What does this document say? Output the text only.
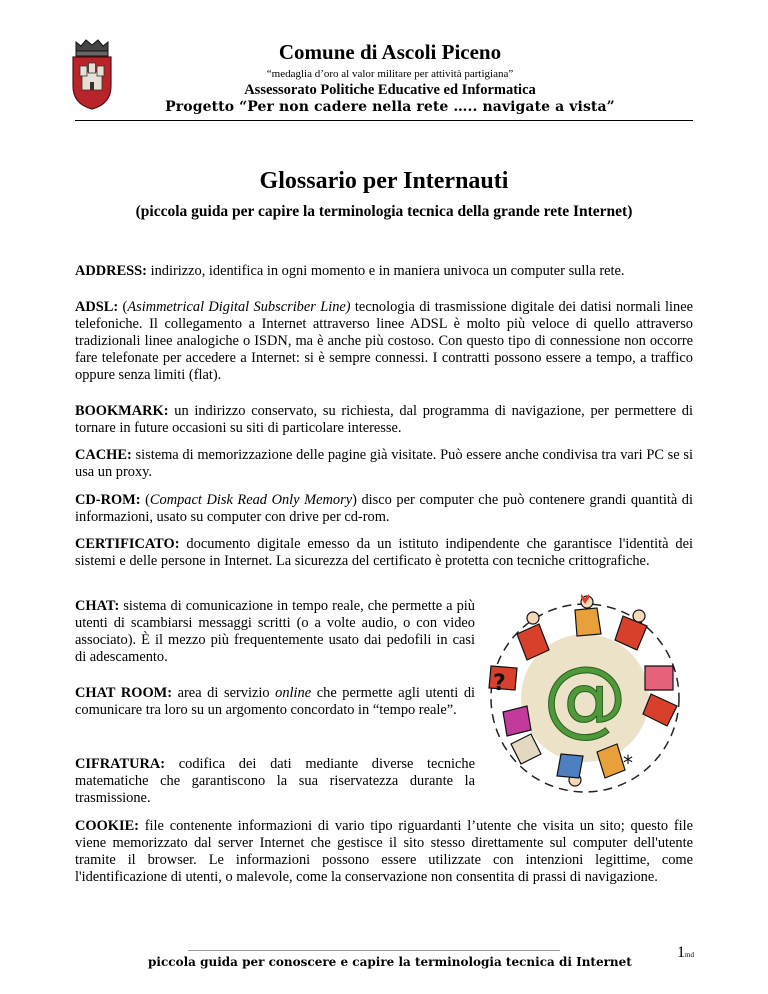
Comune di Ascoli Piceno
“medaglia d’oro al valor militare per attività partigiana”
Assessorato Politiche Educative ed Informatica
Progetto “Per non cadere nella rete ….. navigate a vista”
Glossario per Internauti
(piccola guida per capire la terminologia tecnica della grande rete Internet)

ADDRESS: indirizzo, identifica in ogni momento e in maniera univoca un computer sulla rete.

ADSL: (Asimmetrical Digital Subscriber Line) tecnologia di trasmissione digitale dei datisi normali linee telefoniche. Il collegamento a Internet attraverso linee ADSL è molto più veloce di quello attraverso tradizionali linee analogiche o ISDN, ma è anche più costoso. Con questo tipo di connessione non occorre fare telefonate per accedere a Internet: si è sempre connessi. I contratti possono essere a tempo, a traffico oppure senza limiti (flat).

BOOKMARK: un indirizzo conservato, su richiesta, dal programma di navigazione, per permettere di tornare in future occasioni su siti di particolare interesse.

CACHE: sistema di memorizzazione delle pagine già visitate. Può essere anche condivisa tra vari PC se si usa un proxy.

CD-ROM: (Compact Disk Read Only Memory) disco per computer che può contenere grandi quantità di informazioni, usato su computer con drive per cd-rom.

CERTIFICATO: documento digitale emesso da un istituto indipendente che garantisce l'identità dei sistemi e delle persone in Internet. La sicurezza del certificato è protetta con tecniche crittografiche.

CHAT: sistema di comunicazione in tempo reale, che permette a più utenti di scambiarsi messaggi scritti (o a volte audio, o con video associato). È il mezzo più frequentemente usato dai pedofili in casi di adescamento.

CHAT ROOM: area di servizio online che permette agli utenti di comunicare tra loro su un argomento concordato in “tempo reale”.

CIFRATURA: codifica dei dati mediante diverse tecniche matematiche che garantiscono la sua riservatezza durante la trasmissione.

COOKIE: file contenente informazioni di vario tipo riguardanti l’utente che visita un sito; questo file viene memorizzato dal server Internet che gestisce il sito stesso direttamente sul computer dell'utente tramite il browser. Le informazioni possono essere utilizzate con intenzioni legittime, come l'identificazione di utenti, o malevole, come la conservazione non consentita di prassi di navigazione.

@
?
*
piccola guida per conoscere e capire la terminologia tecnica di Internet
1md
